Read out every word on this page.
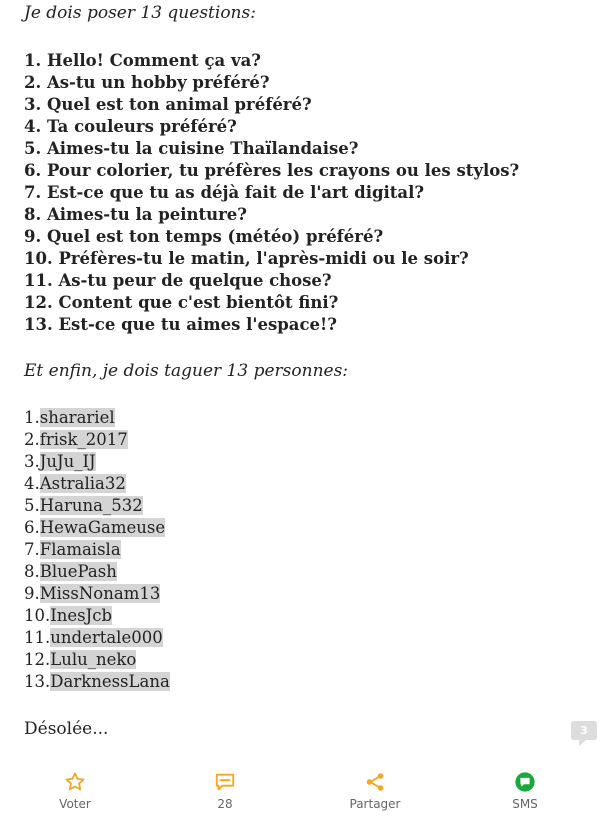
Je dois poser 13 questions:

1. Hello! Comment ça va?
2. As-tu un hobby préféré?
3. Quel est ton animal préféré?
4. Ta couleurs préféré?
5. Aimes-tu la cuisine Thaïlandaise?
6. Pour colorier, tu préfères les crayons ou les stylos?
7. Est-ce que tu as déjà fait de l'art digital?
8. Aimes-tu la peinture?
9. Quel est ton temps (météo) préféré?
10. Préfères-tu le matin, l'après-midi ou le soir?
11. As-tu peur de quelque chose?
12. Content que c'est bientôt fini?
13. Est-ce que tu aimes l'espace!?

Et enfin, je dois taguer 13 personnes:

1.sharariel
2.frisk_2017
3.JuJu_IJ
4.Astralia32
5.Haruna_532
6.HewaGameuse
7.Flamaisla
8.BluePash
9.MissNonam13
10.InesJcb
11.undertale000
12.Lulu_neko
13.DarknessLana

Désolée...	3
Voter	28	Partager	SMS
